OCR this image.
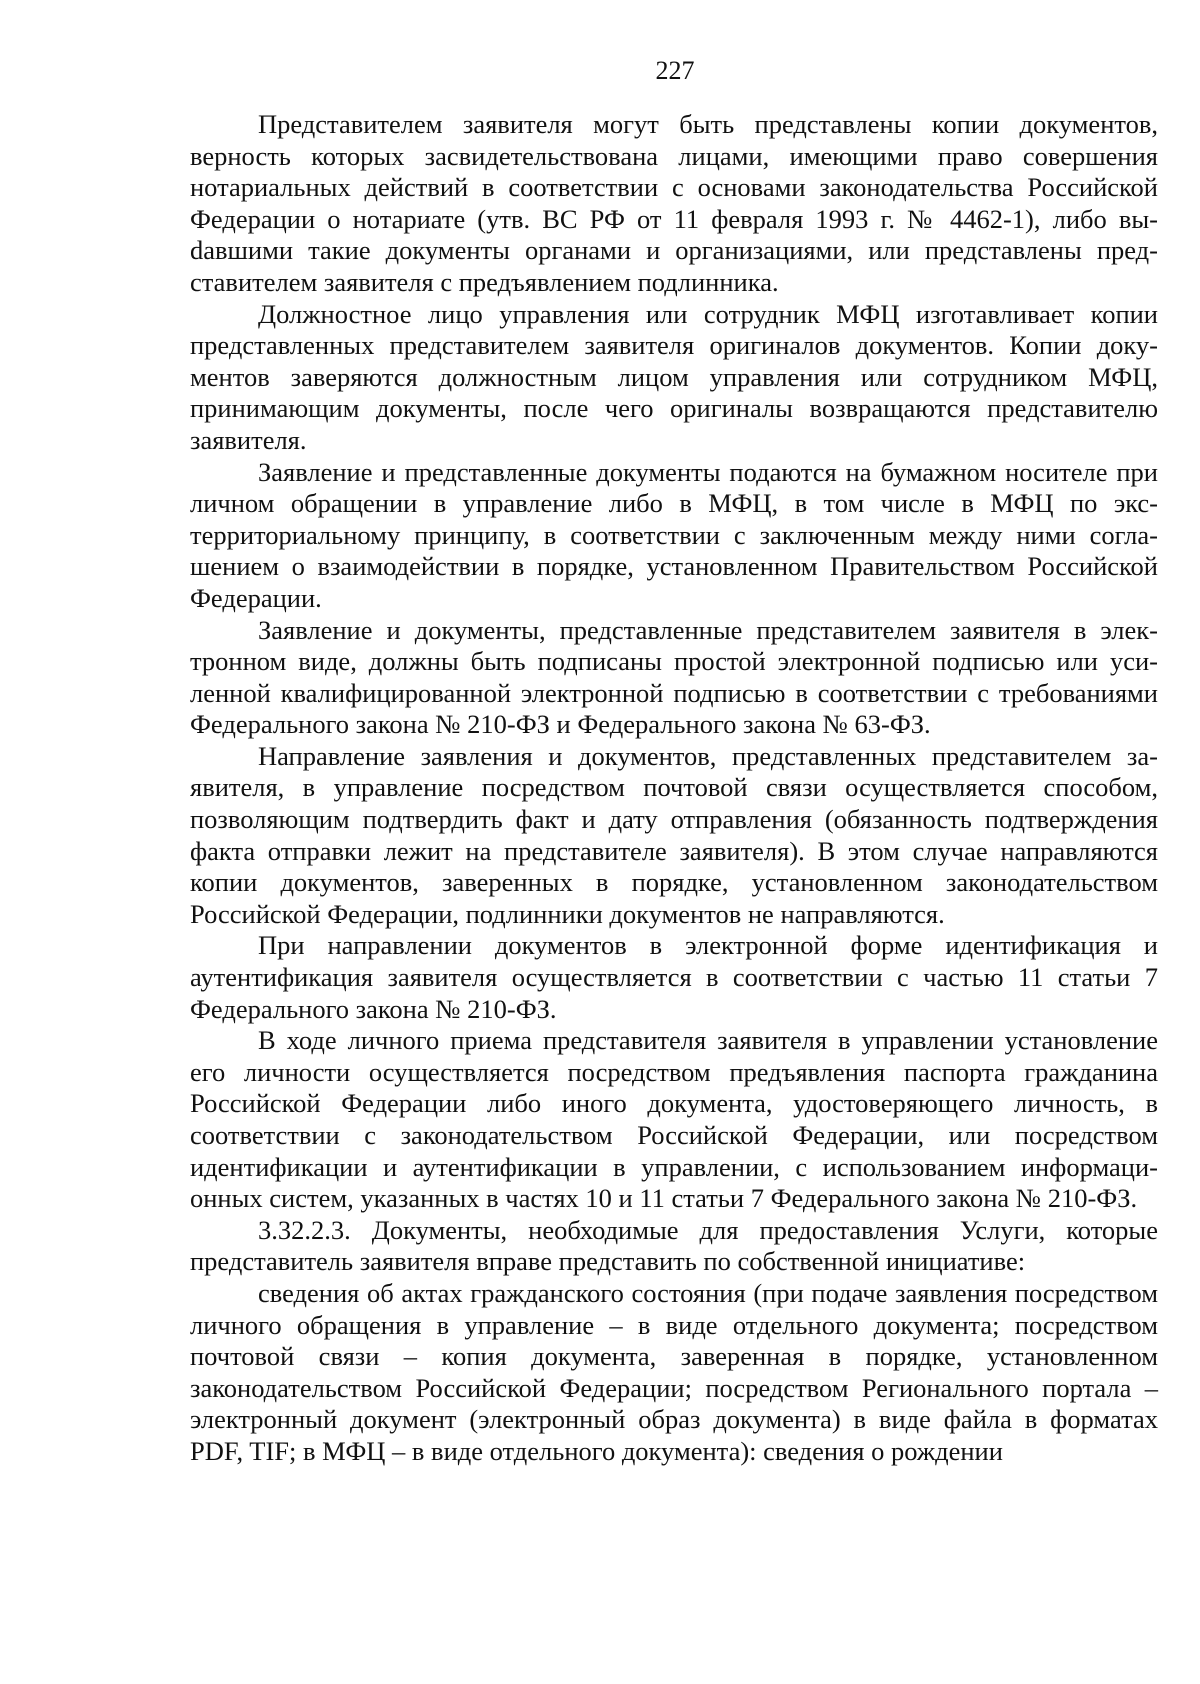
227

Представителем заявителя могут быть представлены копии документов, верность которых засвидетельствована лицами, имеющими право совершения нотариальных действий в соответствии с основами законодательства Российской Федерации о нотариате (утв. ВС РФ от 11 февраля 1993 г. № 4462-1), либо выdавшими такие документы органами и организациями, или представлены представителем заявителя с предъявлением подлинника.

Должностное лицо управления или сотрудник МФЦ изготавливает копии представленных представителем заявителя оригиналов документов. Копии документов заверяются должностным лицом управления или сотрудником МФЦ, принимающим документы, после чего оригиналы возвращаются представителю заявителя.

Заявление и представленные документы подаются на бумажном носителе при личном обращении в управление либо в МФЦ, в том числе в МФЦ по экстерриториальному принципу, в соответствии с заключенным между ними соглашением о взаимодействии в порядке, установленном Правительством Российской Федерации.

Заявление и документы, представленные представителем заявителя в электронном виде, должны быть подписаны простой электронной подписью или усиленной квалифицированной электронной подписью в соответствии с требованиями Федерального закона № 210-ФЗ и Федерального закона № 63-ФЗ.

Направление заявления и документов, представленных представителем заявителя, в управление посредством почтовой связи осуществляется способом, позволяющим подтвердить факт и дату отправления (обязанность подтверждения факта отправки лежит на представителе заявителя). В этом случае направляются копии документов, заверенных в порядке, установленном законодательством Российской Федерации, подлинники документов не направляются.

При направлении документов в электронной форме идентификация и аутентификация заявителя осуществляется в соответствии с частью 11 статьи 7 Федерального закона № 210-ФЗ.

В ходе личного приема представителя заявителя в управлении установление его личности осуществляется посредством предъявления паспорта гражданина Российской Федерации либо иного документа, удостоверяющего личность, в соответствии с законодательством Российской Федерации, или посредством идентификации и аутентификации в управлении, с использованием информационных систем, указанных в частях 10 и 11 статьи 7 Федерального закона № 210-ФЗ.

3.32.2.3. Документы, необходимые для предоставления Услуги, которые представитель заявителя вправе представить по собственной инициативе:

сведения об актах гражданского состояния (при подаче заявления посредством личного обращения в управление – в виде отдельного документа; посредством почтовой связи – копия документа, заверенная в порядке, установленном законодательством Российской Федерации; посредством Регионального портала – электронный документ (электронный образ документа) в виде файла в форматах PDF, TIF; в МФЦ – в виде отдельного документа): сведения о рождении
